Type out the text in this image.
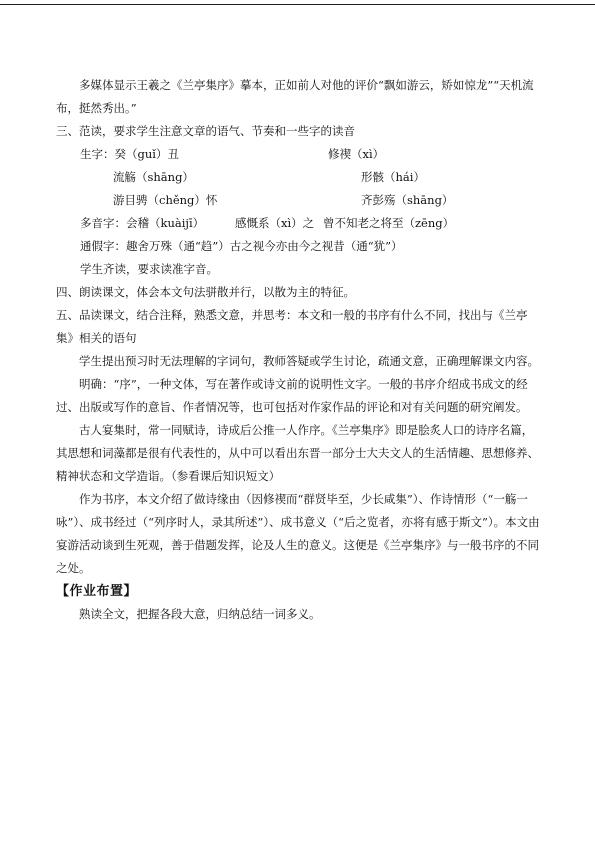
多媒体显示王羲之《兰亭集序》摹本，正如前人对他的评价“飘如游云，矫如惊龙”“天机流布，挺然秀出。”

三、范读，要求学生注意文章的语气、节奏和一些字的读音

生字：癸（guǐ）丑	修禊（xì）
流觞（shāng）	形骸（hái）
游目骋（chěng）怀	齐彭殇（shāng）
多音字：会稽（kuàijī）	感慨系（xì）之 曾不知老之将至（zēng）

通假字：趣舍万殊（通“趋”）古之视今亦由今之视昔（通“犹”）

学生齐读，要求读准字音。

四、朗读课文，体会本文句法骈散并行，以散为主的特征。

五、品读课文，结合注释，熟悉文意，并思考：本文和一般的书序有什么不同，找出与《兰亭集》相关的语句

学生提出预习时无法理解的字词句，教师答疑或学生讨论，疏通文意，正确理解课文内容。

明确：“序”，一种文体，写在著作或诗文前的说明性文字。一般的书序介绍成书成文的经过、出版或写作的意旨、作者情况等，也可包括对作家作品的评论和对有关问题的研究阐发。

古人宴集时，常一同赋诗，诗成后公推一人作序。《兰亭集序》即是脍炙人口的诗序名篇，其思想和词藻都是很有代表性的，从中可以看出东晋一部分士大夫文人的生活情趣、思想修养、精神状态和文学造诣。（参看课后知识短文）

作为书序，本文介绍了做诗缘由（因修禊而“群贤毕至，少长咸集”）、作诗情形（“一觞一咏”）、成书经过（“列序时人，录其所述”）、成书意义（“后之览者，亦将有感于斯文”）。本文由宴游活动谈到生死观，善于借题发挥，论及人生的意义。这便是《兰亭集序》与一般书序的不同之处。

【作业布置】

熟读全文，把握各段大意，归纳总结一词多义。
